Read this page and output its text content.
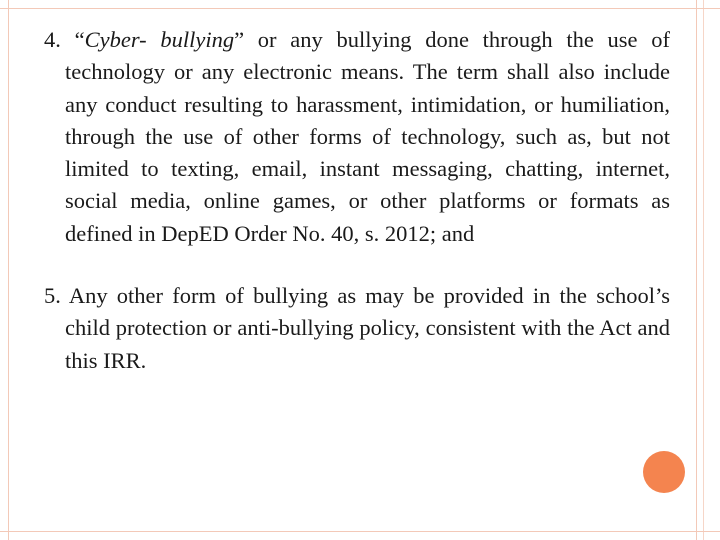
4. “Cyber- bullying” or any bullying done through the use of technology or any electronic means. The term shall also include any conduct resulting to harassment, intimidation, or humiliation, through the use of other forms of technology, such as, but not limited to texting, email, instant messaging, chatting, internet, social media, online games, or other platforms or formats as defined in DepED Order No. 40, s. 2012; and

5. Any other form of bullying as may be provided in the school’s child protection or anti-bullying policy, consistent with the Act and this IRR.
